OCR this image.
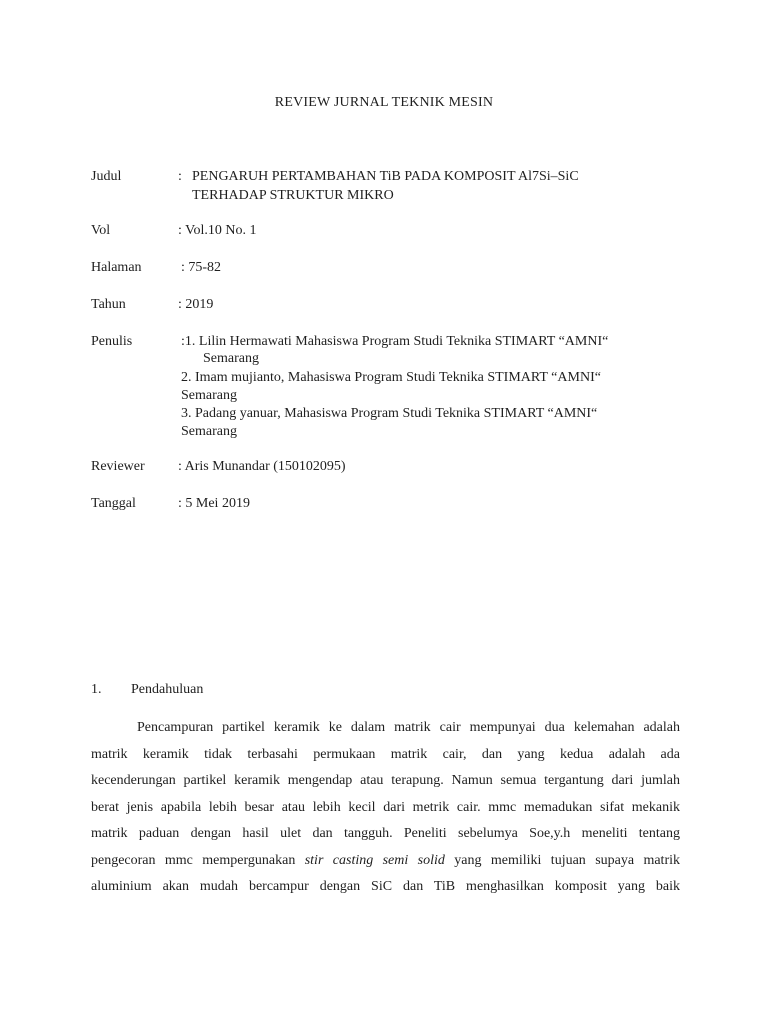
REVIEW JURNAL TEKNIK MESIN
Judul	: PENGARUH PERTAMBAHAN TiB PADA KOMPOSIT Al7Si–SiC
TERHADAP STRUKTUR MIKRO
Vol	: Vol.10 No. 1
Halaman	: 75-82
Tahun	: 2019
Penulis	:1. Lilin Hermawati Mahasiswa Program Studi Teknika STIMART “AMNI“
Semarang
2. Imam mujianto, Mahasiswa Program Studi Teknika STIMART “AMNI“
Semarang
3. Padang yanuar, Mahasiswa Program Studi Teknika STIMART “AMNI“
Semarang
Reviewer : Aris Munandar (150102095)
Tanggal	: 5 Mei 2019
1. Pendahuluan
Pencampuran partikel keramik ke dalam matrik cair mempunyai dua kelemahan adalah
matrik keramik tidak terbasahi permukaan matrik cair, dan yang kedua adalah ada
kecenderungan partikel keramik mengendap atau terapung. Namun semua tergantung dari jumlah
berat jenis apabila lebih besar atau lebih kecil dari metrik cair. mmc memadukan sifat mekanik
matrik paduan dengan hasil ulet dan tangguh. Peneliti sebelumya Soe,y.h meneliti tentang
pengecoran mmc mempergunakan stir casting semi solid yang memiliki tujuan supaya matrik
aluminium akan mudah bercampur dengan SiC dan TiB menghasilkan komposit yang baik
